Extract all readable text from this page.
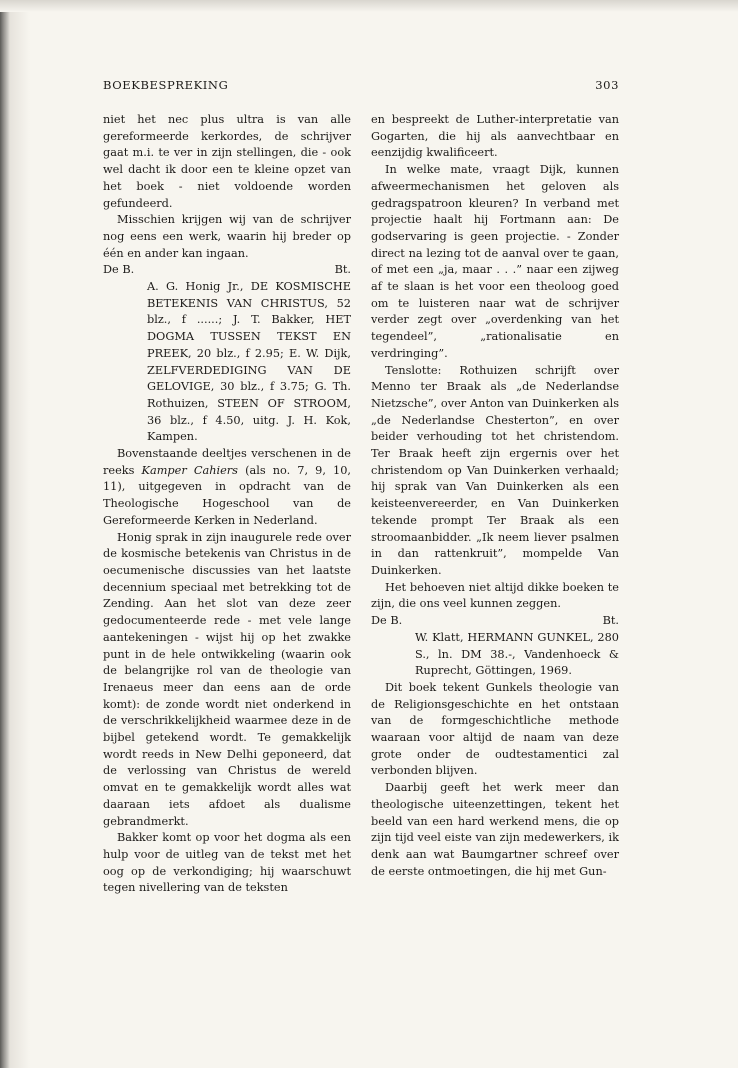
BOEKBESPREKING	303

niet het nec plus ultra is van alle gereformeerde kerkordes, de schrijver gaat m.i. te ver in zijn stellingen, die - ook wel dacht ik door een te kleine opzet van het boek - niet voldoende worden gefundeerd.

Misschien krijgen wij van de schrijver nog eens een werk, waarin hij breder op één en ander kan ingaan.

De B.	Bt.

A. G. Honig Jr., DE KOSMISCHE BETEKENIS VAN CHRISTUS, 52 blz., f ......; J. T. Bakker, HET DOGMA TUSSEN TEKST EN PREEK, 20 blz., f 2.95; E. W. Dijk, ZELFVERDEDIGING VAN DE GELOVIGE, 30 blz., f 3.75; G. Th. Rothuizen, STEEN OF STROOM, 36 blz., f 4.50, uitg. J. H. Kok, Kampen.

Bovenstaande deeltjes verschenen in de reeks Kamper Cahiers (als no. 7, 9, 10, 11), uitgegeven in opdracht van de Theologische Hogeschool van de Gereformeerde Kerken in Nederland.

Honig sprak in zijn inaugurele rede over de kosmische betekenis van Christus in de oecumenische discussies van het laatste decennium speciaal met betrekking tot de Zending. Aan het slot van deze zeer gedocumenteerde rede - met vele lange aantekeningen - wijst hij op het zwakke punt in de hele ontwikkeling (waarin ook de belangrijke rol van de theologie van Irenaeus meer dan eens aan de orde komt): de zonde wordt niet onderkend in de verschrikkelijkheid waarmee deze in de bijbel getekend wordt. Te gemakkelijk wordt reeds in New Delhi geponeerd, dat de verlossing van Christus de wereld omvat en te gemakkelijk wordt alles wat daaraan iets afdoet als dualisme gebrandmerkt.

Bakker komt op voor het dogma als een hulp voor de uitleg van de tekst met het oog op de verkondiging; hij waarschuwt tegen nivellering van de teksten

en bespreekt de Luther-interpretatie van Gogarten, die hij als aanvechtbaar en eenzijdig kwalificeert.

In welke mate, vraagt Dijk, kunnen afweermechanismen het geloven als gedragspatroon kleuren? In verband met projectie haalt hij Fortmann aan: De godservaring is geen projectie. - Zonder direct na lezing tot de aanval over te gaan, of met een „ja, maar . . .” naar een zijweg af te slaan is het voor een theoloog goed om te luisteren naar wat de schrijver verder zegt over „overdenking van het tegendeel”, „rationalisatie en verdringing”.

Tenslotte: Rothuizen schrijft over Menno ter Braak als „de Nederlandse Nietzsche”, over Anton van Duinkerken als „de Nederlandse Chesterton”, en over beider verhouding tot het christendom. Ter Braak heeft zijn ergernis over het christendom op Van Duinkerken verhaald; hij sprak van Van Duinkerken als een keisteenvereerder, en Van Duinkerken tekende prompt Ter Braak als een stroomaanbidder. „Ik neem liever psalmen in dan rattenkruit”, mompelde Van Duinkerken.

Het behoeven niet altijd dikke boeken te zijn, die ons veel kunnen zeggen.

De B.	Bt.

W. Klatt, HERMANN GUNKEL, 280 S., ln. DM 38.-, Vandenhoeck & Ruprecht, Göttingen, 1969.

Dit boek tekent Gunkels theologie van de Religionsgeschichte en het ontstaan van de formgeschichtliche methode waaraan voor altijd de naam van deze grote onder de oudtestamentici zal verbonden blijven.

Daarbij geeft het werk meer dan theologische uiteenzettingen, tekent het beeld van een hard werkend mens, die op zijn tijd veel eiste van zijn medewerkers, ik denk aan wat Baumgartner schreef over de eerste ontmoetingen, die hij met Gun-
